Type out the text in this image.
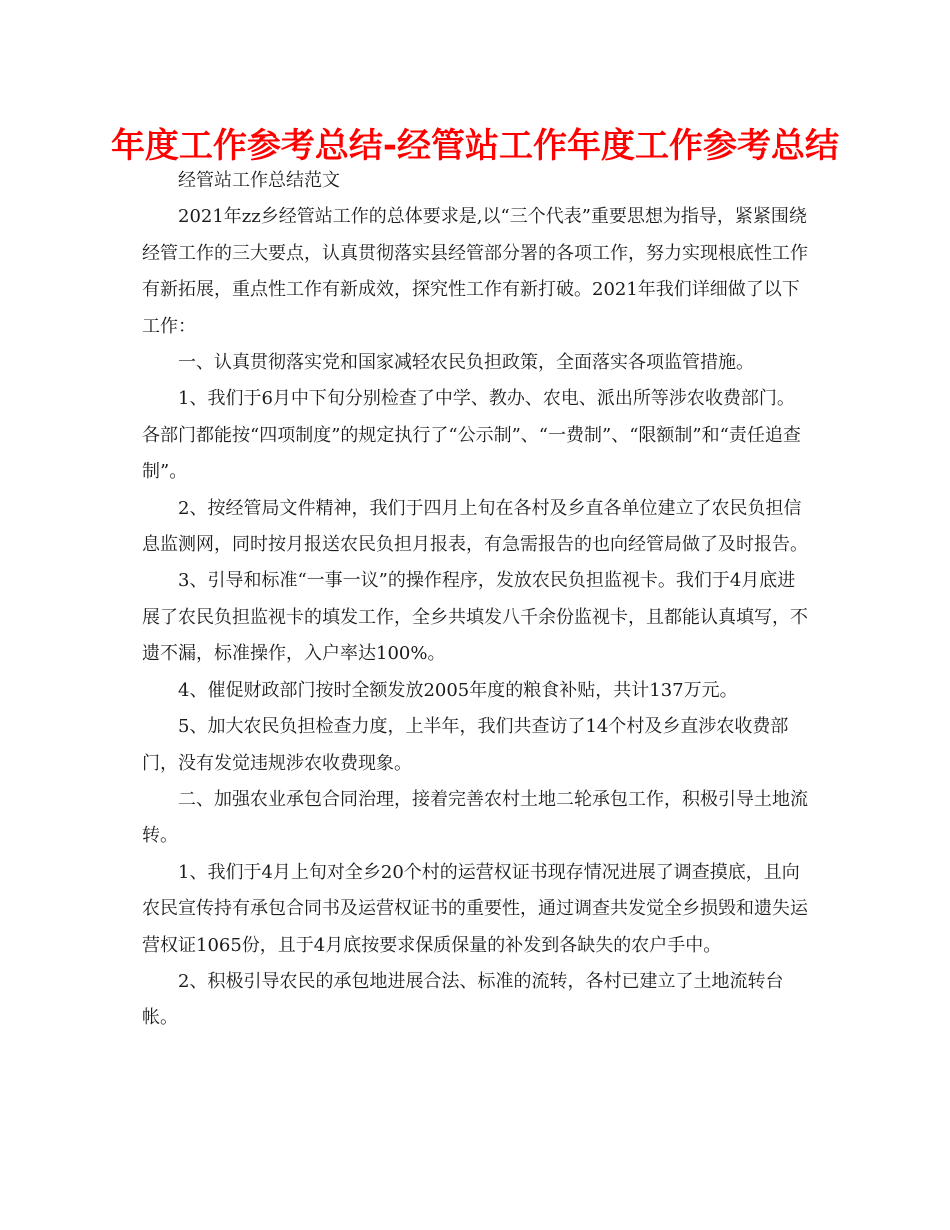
年度工作参考总结-经管站工作年度工作参考总结

经管站工作总结范文

2021年zz乡经管站工作的总体要求是,以“三个代表”重要思想为指导，紧紧围绕经管工作的三大要点，认真贯彻落实县经管部分署的各项工作，努力实现根底性工作有新拓展，重点性工作有新成效，探究性工作有新打破。2021年我们详细做了以下工作：

一、认真贯彻落实党和国家减轻农民负担政策，全面落实各项监管措施。

1、我们于6月中下旬分别检查了中学、教办、农电、派出所等涉农收费部门。各部门都能按“四项制度”的规定执行了“公示制”、“一费制”、“限额制”和“责任追查制”。

2、按经管局文件精神，我们于四月上旬在各村及乡直各单位建立了农民负担信息监测网，同时按月报送农民负担月报表，有急需报告的也向经管局做了及时报告。

3、引导和标准“一事一议”的操作程序，发放农民负担监视卡。我们于4月底进展了农民负担监视卡的填发工作，全乡共填发八千余份监视卡，且都能认真填写，不遗不漏，标准操作，入户率达100%。

4、催促财政部门按时全额发放2005年度的粮食补贴，共计137万元。

5、加大农民负担检查力度，上半年，我们共查访了14个村及乡直涉农收费部门，没有发觉违规涉农收费现象。

二、加强农业承包合同治理，接着完善农村土地二轮承包工作，积极引导土地流转。

1、我们于4月上旬对全乡20个村的运营权证书现存情况进展了调查摸底，且向农民宣传持有承包合同书及运营权证书的重要性，通过调查共发觉全乡损毁和遗失运营权证1065份，且于4月底按要求保质保量的补发到各缺失的农户手中。

2、积极引导农民的承包地进展合法、标准的流转，各村已建立了土地流转台帐。
